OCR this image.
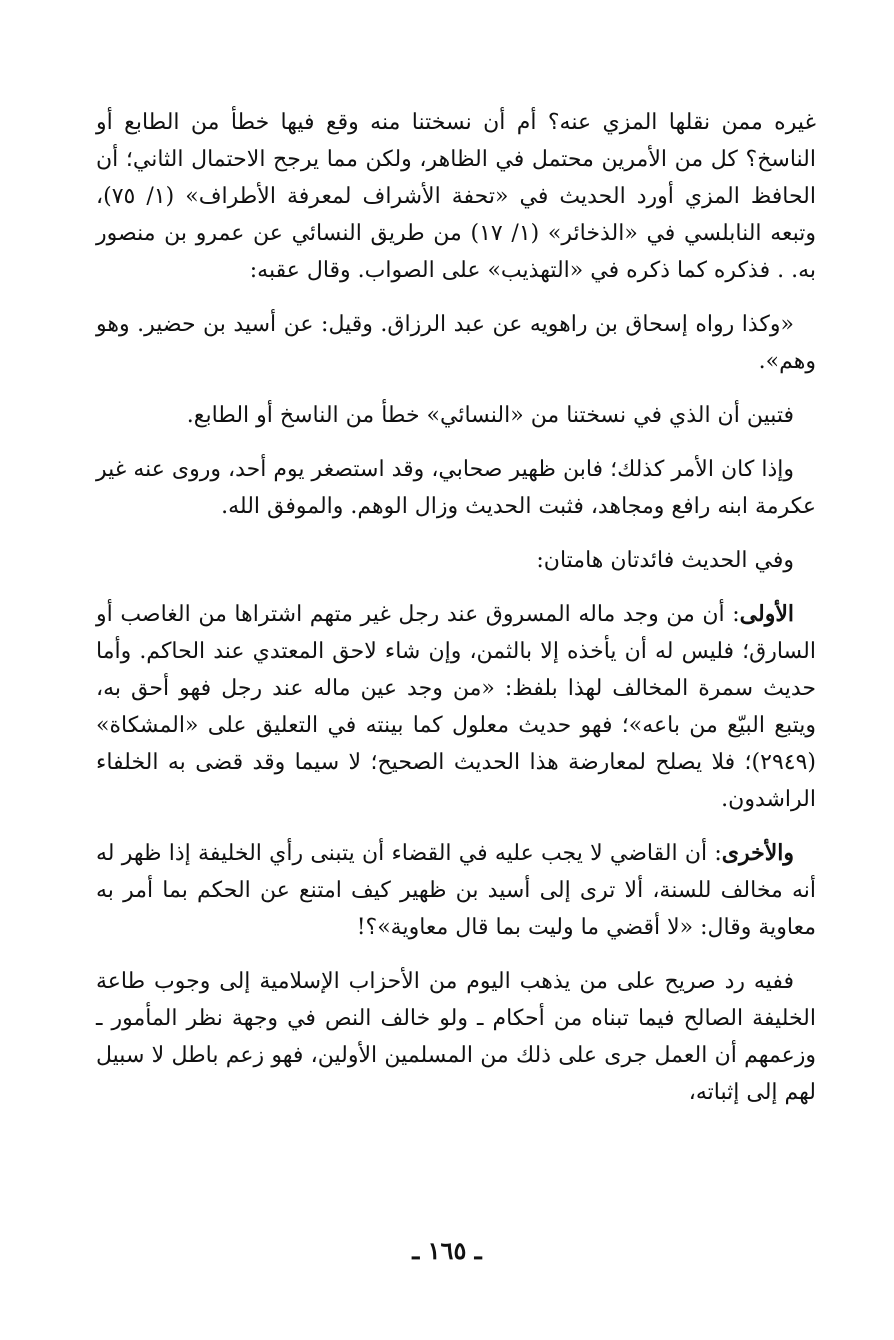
غيره ممن نقلها المزي عنه؟ أم أن نسختنا منه وقع فيها خطأ من الطابع أو الناسخ؟ كل من الأمرين محتمل في الظاهر، ولكن مما يرجح الاحتمال الثاني؛ أن الحافظ المزي أورد الحديث في «تحفة الأشراف لمعرفة الأطراف» (١/ ٧٥)، وتبعه النابلسي في «الذخائر» (١/ ١٧) من طريق النسائي عن عمرو بن منصور به. . فذكره كما ذكره في «التهذيب» على الصواب. وقال عقبه:

«وكذا رواه إسحاق بن راهويه عن عبد الرزاق. وقيل: عن أسيد بن حضير. وهو وهم».

فتبين أن الذي في نسختنا من «النسائي» خطأ من الناسخ أو الطابع.

وإذا كان الأمر كذلك؛ فابن ظهير صحابي، وقد استصغر يوم أحد، وروى عنه غير عكرمة ابنه رافع ومجاهد، فثبت الحديث وزال الوهم. والموفق الله.

وفي الحديث فائدتان هامتان:

الأولى: أن من وجد ماله المسروق عند رجل غير متهم اشتراها من الغاصب أو السارق؛ فليس له أن يأخذه إلا بالثمن، وإن شاء لاحق المعتدي عند الحاكم. وأما حديث سمرة المخالف لهذا بلفظ: «من وجد عين ماله عند رجل فهو أحق به، ويتبع البيّع من باعه»؛ فهو حديث معلول كما بينته في التعليق على «المشكاة» (٢٩٤٩)؛ فلا يصلح لمعارضة هذا الحديث الصحيح؛ لا سيما وقد قضى به الخلفاء الراشدون.

والأخرى: أن القاضي لا يجب عليه في القضاء أن يتبنى رأي الخليفة إذا ظهر له أنه مخالف للسنة، ألا ترى إلى أسيد بن ظهير كيف امتنع عن الحكم بما أمر به معاوية وقال: «لا أقضي ما وليت بما قال معاوية»؟!

ففيه رد صريح على من يذهب اليوم من الأحزاب الإسلامية إلى وجوب طاعة الخليفة الصالح فيما تبناه من أحكام ـ ولو خالف النص في وجهة نظر المأمور ـ وزعمهم أن العمل جرى على ذلك من المسلمين الأولين، فهو زعم باطل لا سبيل لهم إلى إثباته،

ـ ١٦٥ ـ
